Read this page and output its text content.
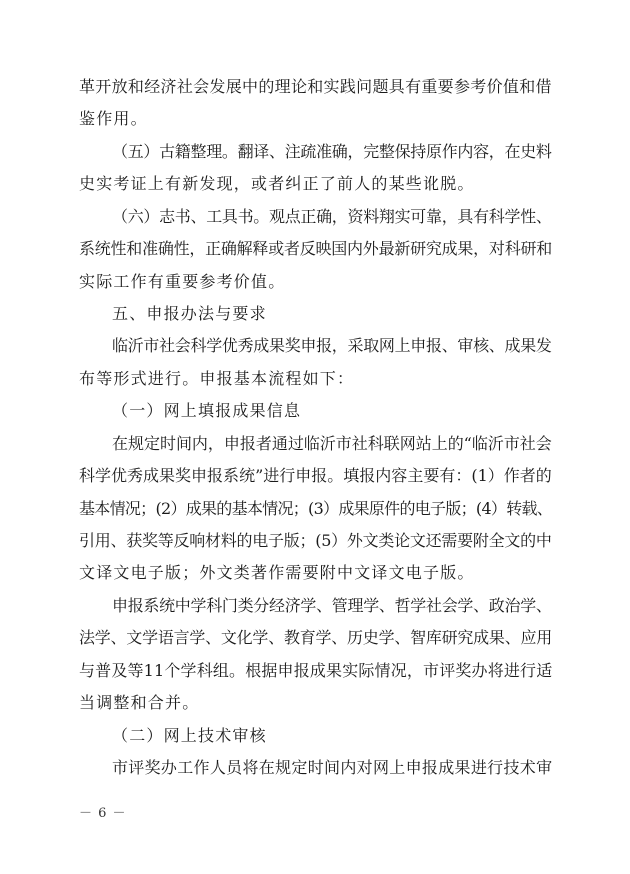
革开放和经济社会发展中的理论和实践问题具有重要参考价值和借
鉴作用。
（五）古籍整理。翻译、注疏准确，完整保持原作内容，在史料
史实考证上有新发现，或者纠正了前人的某些讹脱。
（六）志书、工具书。观点正确，资料翔实可靠，具有科学性、
系统性和准确性，正确解释或者反映国内外最新研究成果，对科研和
实际工作有重要参考价值。
五、申报办法与要求
临沂市社会科学优秀成果奖申报，采取网上申报、审核、成果发
布等形式进行。申报基本流程如下：
（一）网上填报成果信息
在规定时间内，申报者通过临沂市社科联网站上的“临沂市社会
科学优秀成果奖申报系统”进行申报。填报内容主要有：(1）作者的
基本情况；(2）成果的基本情况；(3）成果原件的电子版；(4）转载、
引用、获奖等反响材料的电子版；(5）外文类论文还需要附全文的中
文译文电子版；外文类著作需要附中文译文电子版。
申报系统中学科门类分经济学、管理学、哲学社会学、政治学、
法学、文学语言学、文化学、教育学、历史学、智库研究成果、应用
与普及等11个学科组。根据申报成果实际情况，市评奖办将进行适
当调整和合并。
（二）网上技术审核
市评奖办工作人员将在规定时间内对网上申报成果进行技术审
－ 6 －
